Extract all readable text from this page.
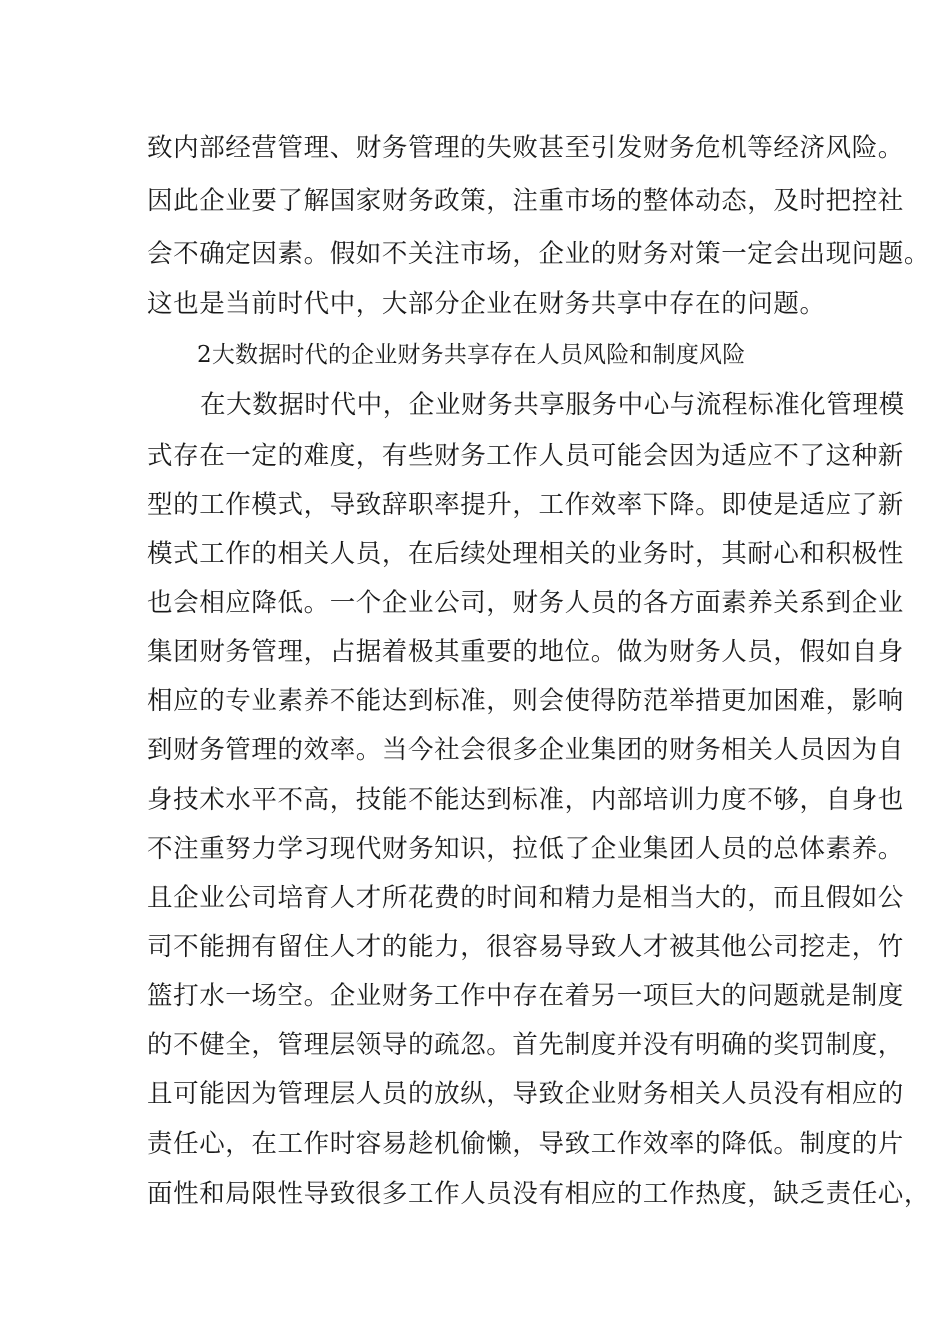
致内部经营管理、财务管理的失败甚至引发财务危机等经济风险。
因此企业要了解国家财务政策，注重市场的整体动态，及时把控社
会不确定因素。假如不关注市场，企业的财务对策一定会出现问题。
这也是当前时代中，大部分企业在财务共享中存在的问题。
2大数据时代的企业财务共享存在人员风险和制度风险
在大数据时代中，企业财务共享服务中心与流程标准化管理模
式存在一定的难度，有些财务工作人员可能会因为适应不了这种新
型的工作模式，导致辞职率提升，工作效率下降。即使是适应了新
模式工作的相关人员，在后续处理相关的业务时，其耐心和积极性
也会相应降低。一个企业公司，财务人员的各方面素养关系到企业
集团财务管理，占据着极其重要的地位。做为财务人员，假如自身
相应的专业素养不能达到标准，则会使得防范举措更加困难，影响
到财务管理的效率。当今社会很多企业集团的财务相关人员因为自
身技术水平不高，技能不能达到标准，内部培训力度不够，自身也
不注重努力学习现代财务知识，拉低了企业集团人员的总体素养。
且企业公司培育人才所花费的时间和精力是相当大的，而且假如公
司不能拥有留住人才的能力，很容易导致人才被其他公司挖走，竹
篮打水一场空。企业财务工作中存在着另一项巨大的问题就是制度
的不健全，管理层领导的疏忽。首先制度并没有明确的奖罚制度，
且可能因为管理层人员的放纵，导致企业财务相关人员没有相应的
责任心，在工作时容易趁机偷懒，导致工作效率的降低。制度的片
面性和局限性导致很多工作人员没有相应的工作热度，缺乏责任心，
